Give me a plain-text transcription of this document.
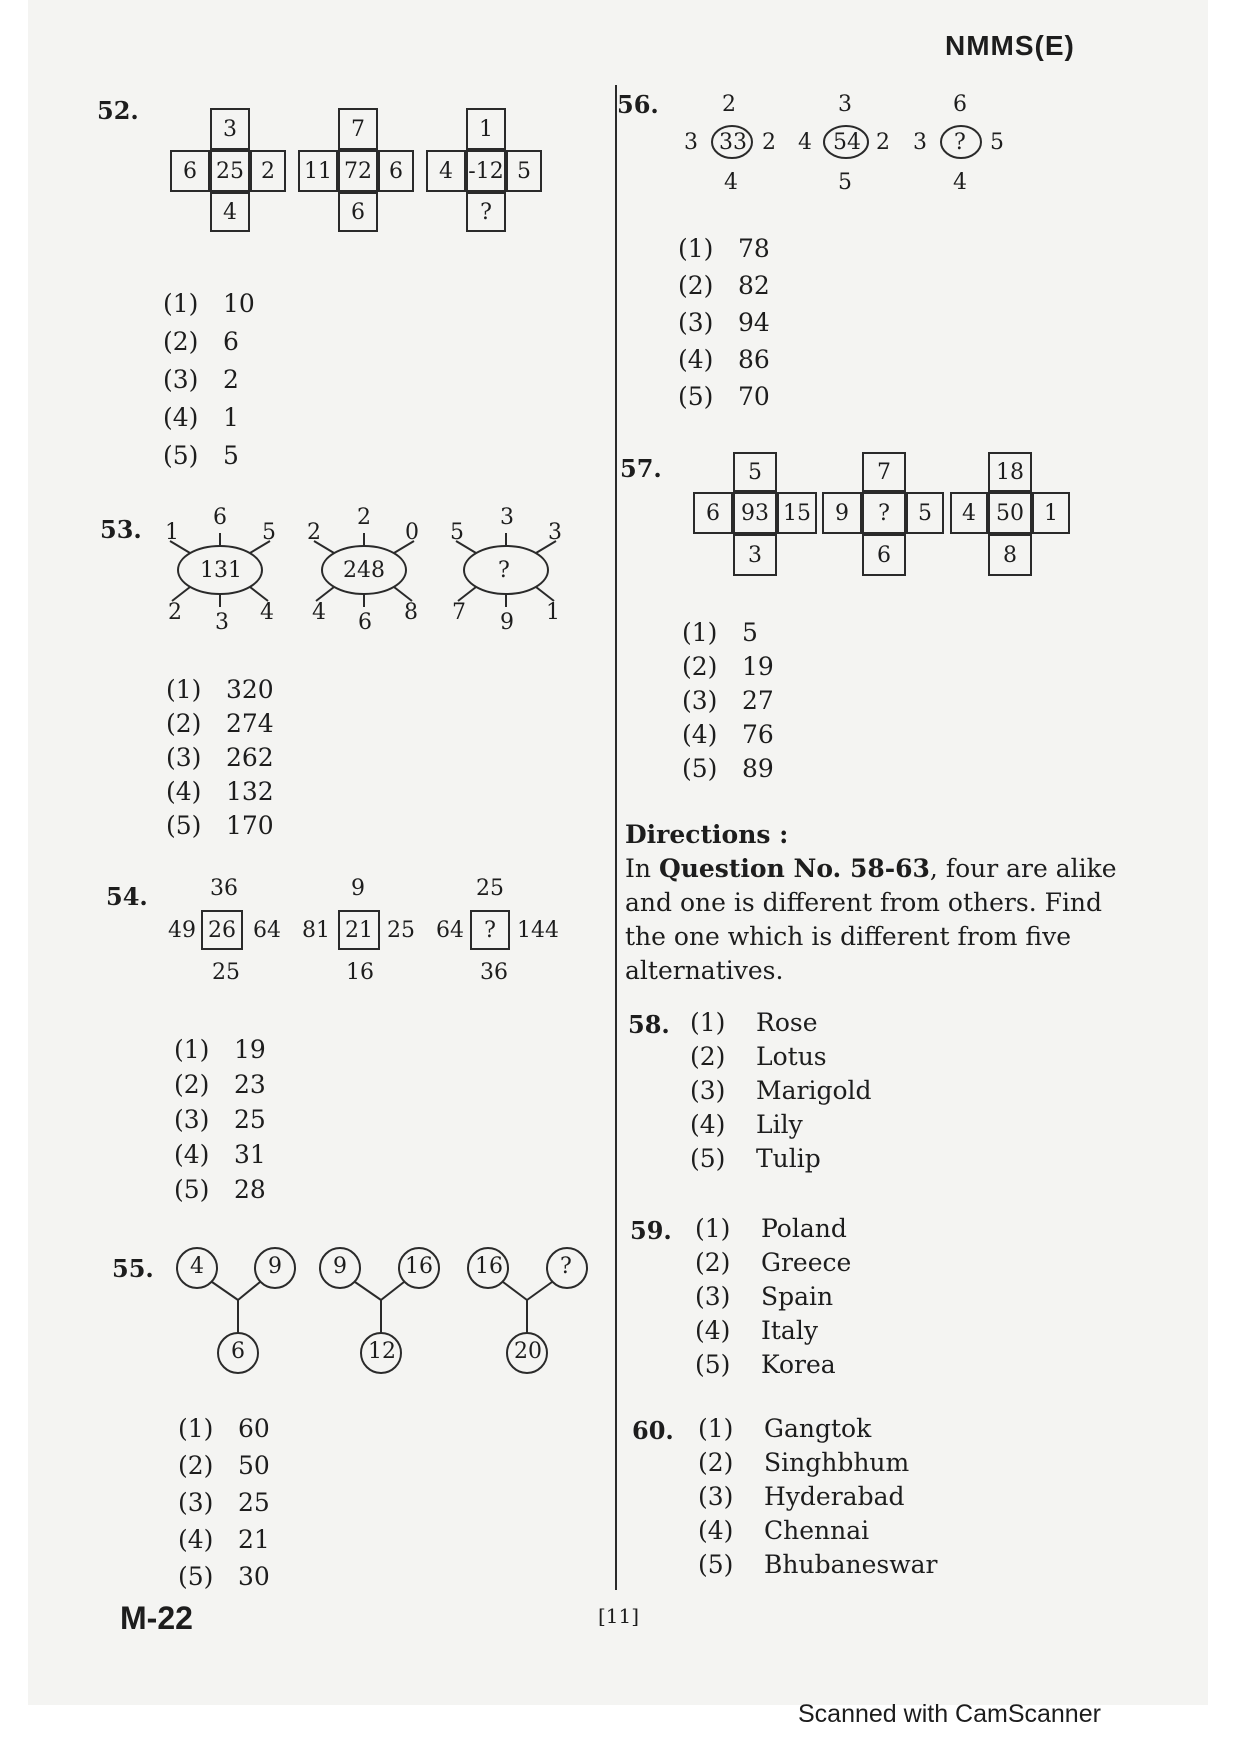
NMMS(E)
52.
3
6 25 2
4
7
11 72 6
6
1
4 -12 5
?
(1) 10
(2) 6
(3) 2
(4) 1
(5) 5
53.
131
1
6
5
2 3 4
248
2
2
0
4 6 8
?
5
3
3
7 9 1
(1) 320
(2) 274
(3) 262
(4) 132
(5) 170
54.	36
49 26 64
25
9
81 21 25
16
25
64 ? 144
36
(1) 19
(2) 23
(3) 25
(4) 31
(5) 28
55. 4	9
6
9	16
12
16	?
20
(1) 60
(2) 50
(3) 25
(4) 21
(5) 30
56.	2
3 33 2
4
3
4 54 2
5
6
3 ? 5
4
(1) 78
(2) 82
(3) 94
(4) 86
(5) 70
57.	5
6 93 15
3
7
9	?	5
6
18
4 50 1
8
(1) 5
(2) 19
(3) 27
(4) 76
(5) 89
Directions :
In Question No. 58-63, four are alike
and one is different from others. Find
the one which is different from five
alternatives.
58. (1) Rose
(2) Lotus
(3) Marigold
(4) Lily
(5) Tulip
59. (1) Poland
(2) Greece
(3) Spain
(4) Italy
(5) Korea
60. (1) Gangtok
(2) Singhbhum
(3) Hyderabad
(4) Chennai
(5) Bhubaneswar
M-22	[11]
Scanned with CamScanner
